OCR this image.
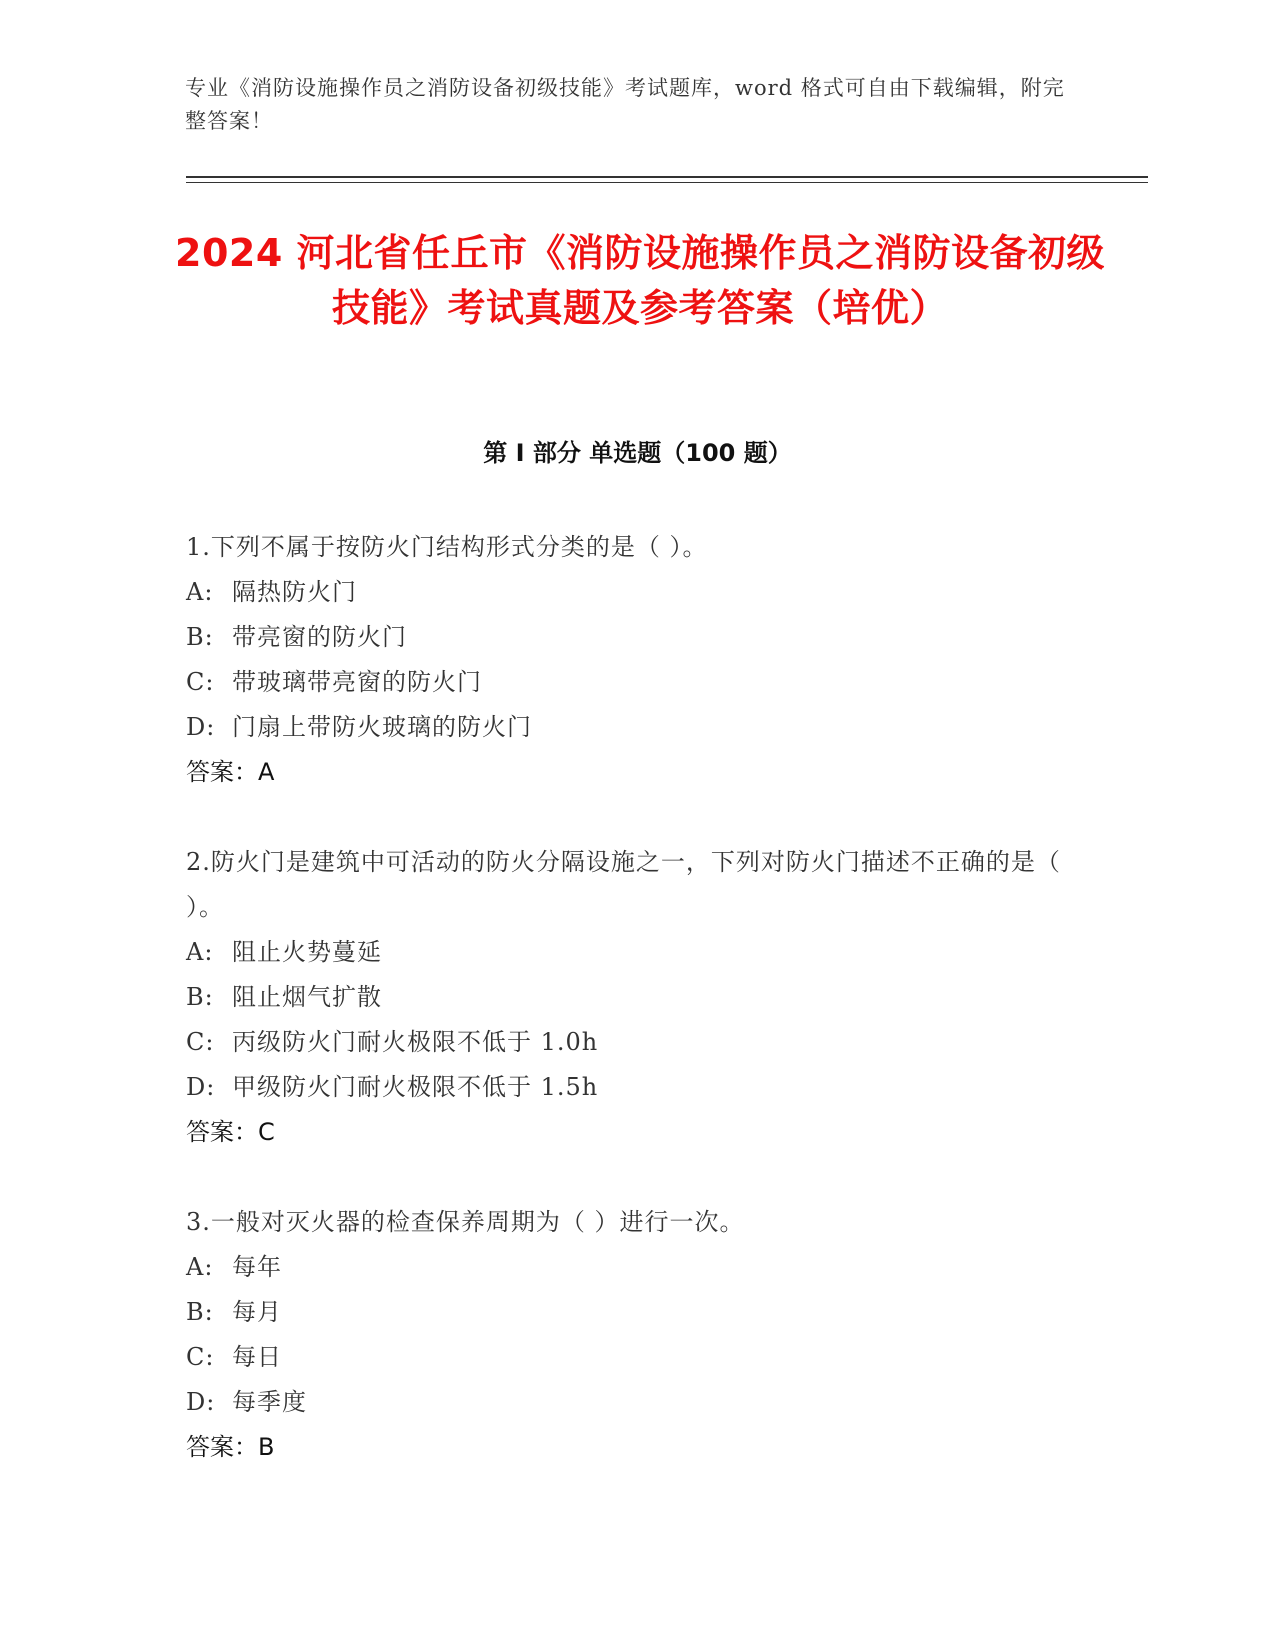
专业《消防设施操作员之消防设备初级技能》考试题库，word 格式可自由下载编辑，附完整答案！
2024 河北省任丘市《消防设施操作员之消防设备初级技能》考试真题及参考答案（培优）
第 I 部分 单选题（100 题）

1.下列不属于按防火门结构形式分类的是（ ）。

A: 隔热防火门

B: 带亮窗的防火门

C: 带玻璃带亮窗的防火门

D: 门扇上带防火玻璃的防火门

答案：A

2.防火门是建筑中可活动的防火分隔设施之一，下列对防火门描述不正确的是（ ）。

A: 阻止火势蔓延

B: 阻止烟气扩散

C: 丙级防火门耐火极限不低于 1.0h

D: 甲级防火门耐火极限不低于 1.5h

答案：C

3.一般对灭火器的检查保养周期为（ ）进行一次。

A: 每年

B: 每月

C: 每日

D: 每季度

答案：B
